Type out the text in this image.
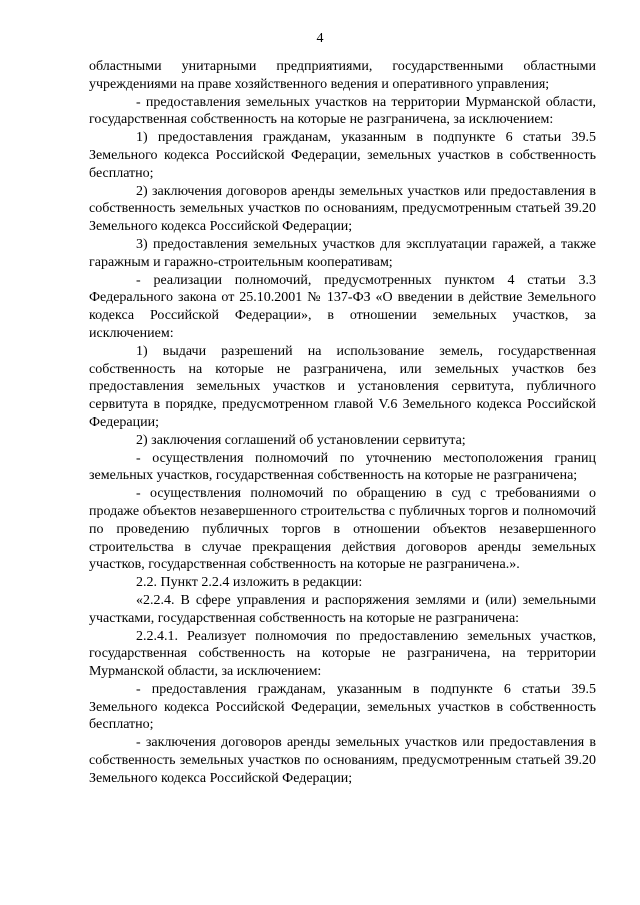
4

областными унитарными предприятиями, государственными областными учреждениями на праве хозяйственного ведения и оперативного управления;

- предоставления земельных участков на территории Мурманской области, государственная собственность на которые не разграничена, за исключением:

1) предоставления гражданам, указанным в подпункте 6 статьи 39.5 Земельного кодекса Российской Федерации, земельных участков в собственность бесплатно;

2) заключения договоров аренды земельных участков или предоставления в собственность земельных участков по основаниям, предусмотренным статьей 39.20 Земельного кодекса Российской Федерации;

3) предоставления земельных участков для эксплуатации гаражей, а также гаражным и гаражно-строительным кооперативам;

- реализации полномочий, предусмотренных пунктом 4 статьи 3.3 Федерального закона от 25.10.2001 № 137-ФЗ «О введении в действие Земельного кодекса Российской Федерации», в отношении земельных участков, за исключением:

1) выдачи разрешений на использование земель, государственная собственность на которые не разграничена, или земельных участков без предоставления земельных участков и установления сервитута, публичного сервитута в порядке, предусмотренном главой V.6 Земельного кодекса Российской Федерации;

2) заключения соглашений об установлении сервитута;

- осуществления полномочий по уточнению местоположения границ земельных участков, государственная собственность на которые не разграничена;

- осуществления полномочий по обращению в суд с требованиями о продаже объектов незавершенного строительства с публичных торгов и полномочий по проведению публичных торгов в отношении объектов незавершенного строительства в случае прекращения действия договоров аренды земельных участков, государственная собственность на которые не разграничена.».

2.2. Пункт 2.2.4 изложить в редакции:

«2.2.4. В сфере управления и распоряжения землями и (или) земельными участками, государственная собственность на которые не разграничена:

2.2.4.1. Реализует полномочия по предоставлению земельных участков, государственная собственность на которые не разграничена, на территории Мурманской области, за исключением:

- предоставления гражданам, указанным в подпункте 6 статьи 39.5 Земельного кодекса Российской Федерации, земельных участков в собственность бесплатно;

- заключения договоров аренды земельных участков или предоставления в собственность земельных участков по основаниям, предусмотренным статьей 39.20 Земельного кодекса Российской Федерации;
